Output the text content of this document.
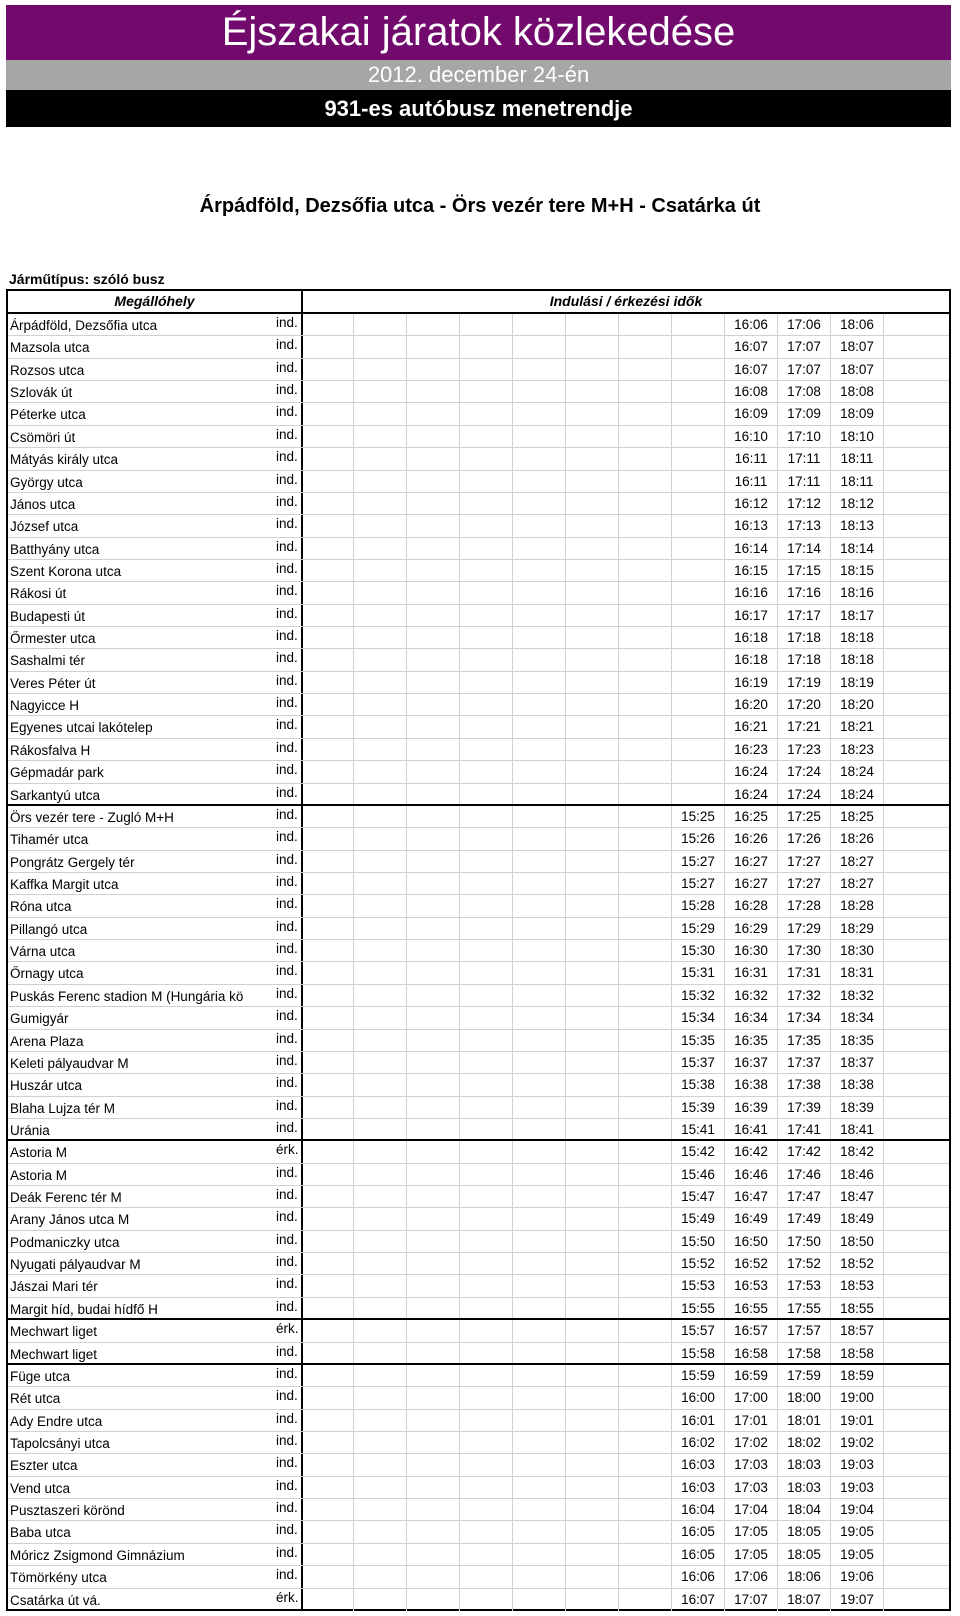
Éjszakai járatok közlekedése
2012. december 24-én
931-es autóbusz menetrendje
Árpádföld, Dezsőfia utca - Örs vezér tere M+H - Csatárka út
Járműtípus: szóló busz
Megállóhely	Indulási / érkezési idők
Árpádföld, Dezsőfia utca	ind.	16:06	17:06	18:06
Mazsola utca	ind.	16:07	17:07	18:07
Rozsos utca	ind.	16:07	17:07	18:07
Szlovák út	ind.	16:08	17:08	18:08
Péterke utca	ind.	16:09	17:09	18:09
Csömöri út	ind.	16:10	17:10	18:10
Mátyás király utca	ind.	16:11	17:11	18:11
György utca	ind.	16:11	17:11	18:11
János utca	ind.	16:12	17:12	18:12
József utca	ind.	16:13	17:13	18:13
Batthyány utca	ind.	16:14	17:14	18:14
Szent Korona utca	ind.	16:15	17:15	18:15
Rákosi út	ind.	16:16	17:16	18:16
Budapesti út	ind.	16:17	17:17	18:17
Őrmester utca	ind.	16:18	17:18	18:18
Sashalmi tér	ind.	16:18	17:18	18:18
Veres Péter út	ind.	16:19	17:19	18:19
Nagyicce H	ind.	16:20	17:20	18:20
Egyenes utcai lakótelep	ind.	16:21	17:21	18:21
Rákosfalva H	ind.	16:23	17:23	18:23
Gépmadár park	ind.	16:24	17:24	18:24
Sarkantyú utca	ind.	16:24	17:24	18:24
Örs vezér tere - Zugló M+H	ind.	15:25	16:25	17:25	18:25
Tihamér utca	ind.	15:26	16:26	17:26	18:26
Pongrátz Gergely tér	ind.	15:27	16:27	17:27	18:27
Kaffka Margit utca	ind.	15:27	16:27	17:27	18:27
Róna utca	ind.	15:28	16:28	17:28	18:28
Pillangó utca	ind.	15:29	16:29	17:29	18:29
Várna utca	ind.	15:30	16:30	17:30	18:30
Őrnagy utca	ind.	15:31	16:31	17:31	18:31
Puskás Ferenc stadion M (Hungária kö	ind.	15:32	16:32	17:32	18:32
Gumigyár	ind.	15:34	16:34	17:34	18:34
Arena Plaza	ind.	15:35	16:35	17:35	18:35
Keleti pályaudvar M	ind.	15:37	16:37	17:37	18:37
Huszár utca	ind.	15:38	16:38	17:38	18:38
Blaha Lujza tér M	ind.	15:39	16:39	17:39	18:39
Uránia	ind.	15:41	16:41	17:41	18:41
Astoria M	érk.	15:42	16:42	17:42	18:42
Astoria M	ind.	15:46	16:46	17:46	18:46
Deák Ferenc tér M	ind.	15:47	16:47	17:47	18:47
Arany János utca M	ind.	15:49	16:49	17:49	18:49
Podmaniczky utca	ind.	15:50	16:50	17:50	18:50
Nyugati pályaudvar M	ind.	15:52	16:52	17:52	18:52
Jászai Mari tér	ind.	15:53	16:53	17:53	18:53
Margit híd, budai hídfő H	ind.	15:55	16:55	17:55	18:55
Mechwart liget	érk.	15:57	16:57	17:57	18:57
Mechwart liget	ind.	15:58	16:58	17:58	18:58
Füge utca	ind.	15:59	16:59	17:59	18:59
Rét utca	ind.	16:00	17:00	18:00	19:00
Ady Endre utca	ind.	16:01	17:01	18:01	19:01
Tapolcsányi utca	ind.	16:02	17:02	18:02	19:02
Eszter utca	ind.	16:03	17:03	18:03	19:03
Vend utca	ind.	16:03	17:03	18:03	19:03
Pusztaszeri körönd	ind.	16:04	17:04	18:04	19:04
Baba utca	ind.	16:05	17:05	18:05	19:05
Móricz Zsigmond Gimnázium	ind.	16:05	17:05	18:05	19:05
Tömörkény utca	ind.	16:06	17:06	18:06	19:06
Csatárka út vá.	érk.	16:07	17:07	18:07	19:07
